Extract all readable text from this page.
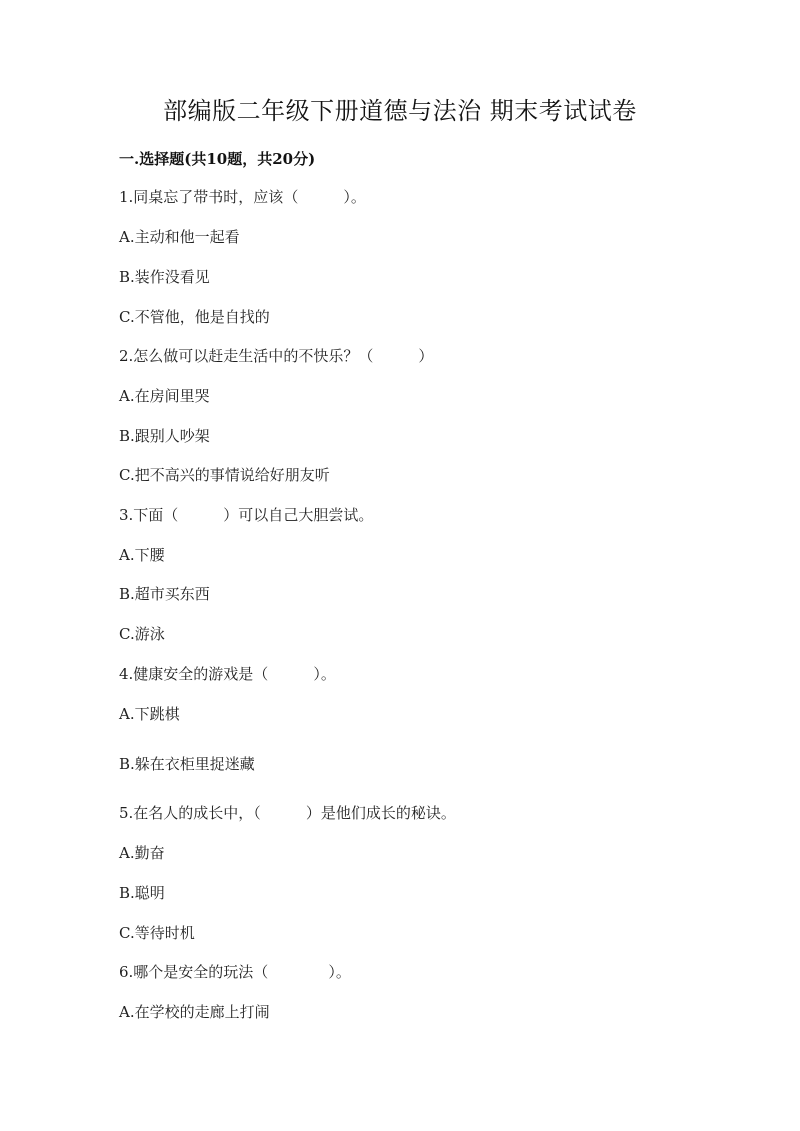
部编版二年级下册道德与法治 期末考试试卷
一.选择题(共10题，共20分)
1.同桌忘了带书时，应该（　　　）。
A.主动和他一起看
B.装作没看见
C.不管他，他是自找的
2.怎么做可以赶走生活中的不快乐？（　　　）
A.在房间里哭
B.跟别人吵架
C.把不高兴的事情说给好朋友听
3.下面（　　　）可以自己大胆尝试。
A.下腰
B.超市买东西
C.游泳
4.健康安全的游戏是（　　　）。
A.下跳棋
B.躲在衣柜里捉迷藏
5.在名人的成长中，（　　　）是他们成长的秘诀。
A.勤奋
B.聪明
C.等待时机
6.哪个是安全的玩法（　　　　）。
A.在学校的走廊上打闹
